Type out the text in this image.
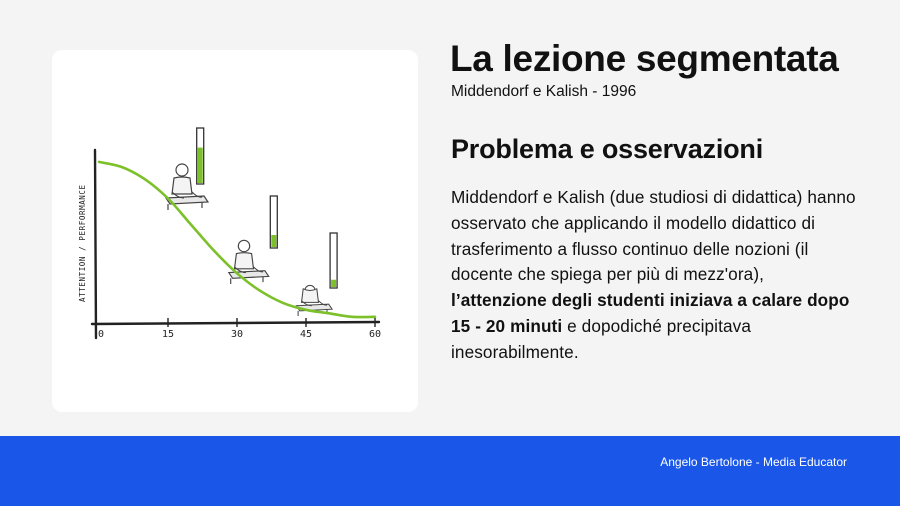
ATTENTION / PERFORMANCE
0	15	30	45	60
La lezione segmentata

Middendorf e Kalish - 1996

Problema e osservazioni

Middendorf e Kalish (due studiosi di didattica) hanno osservato che applicando il modello didattico di trasferimento a flusso continuo delle nozioni (il docente che spiega per più di mezz'ora), l’attenzione degli studenti iniziava a calare dopo 15 - 20 minuti e dopodiché precipitava inesorabilmente.

Angelo Bertolone - Media Educator
